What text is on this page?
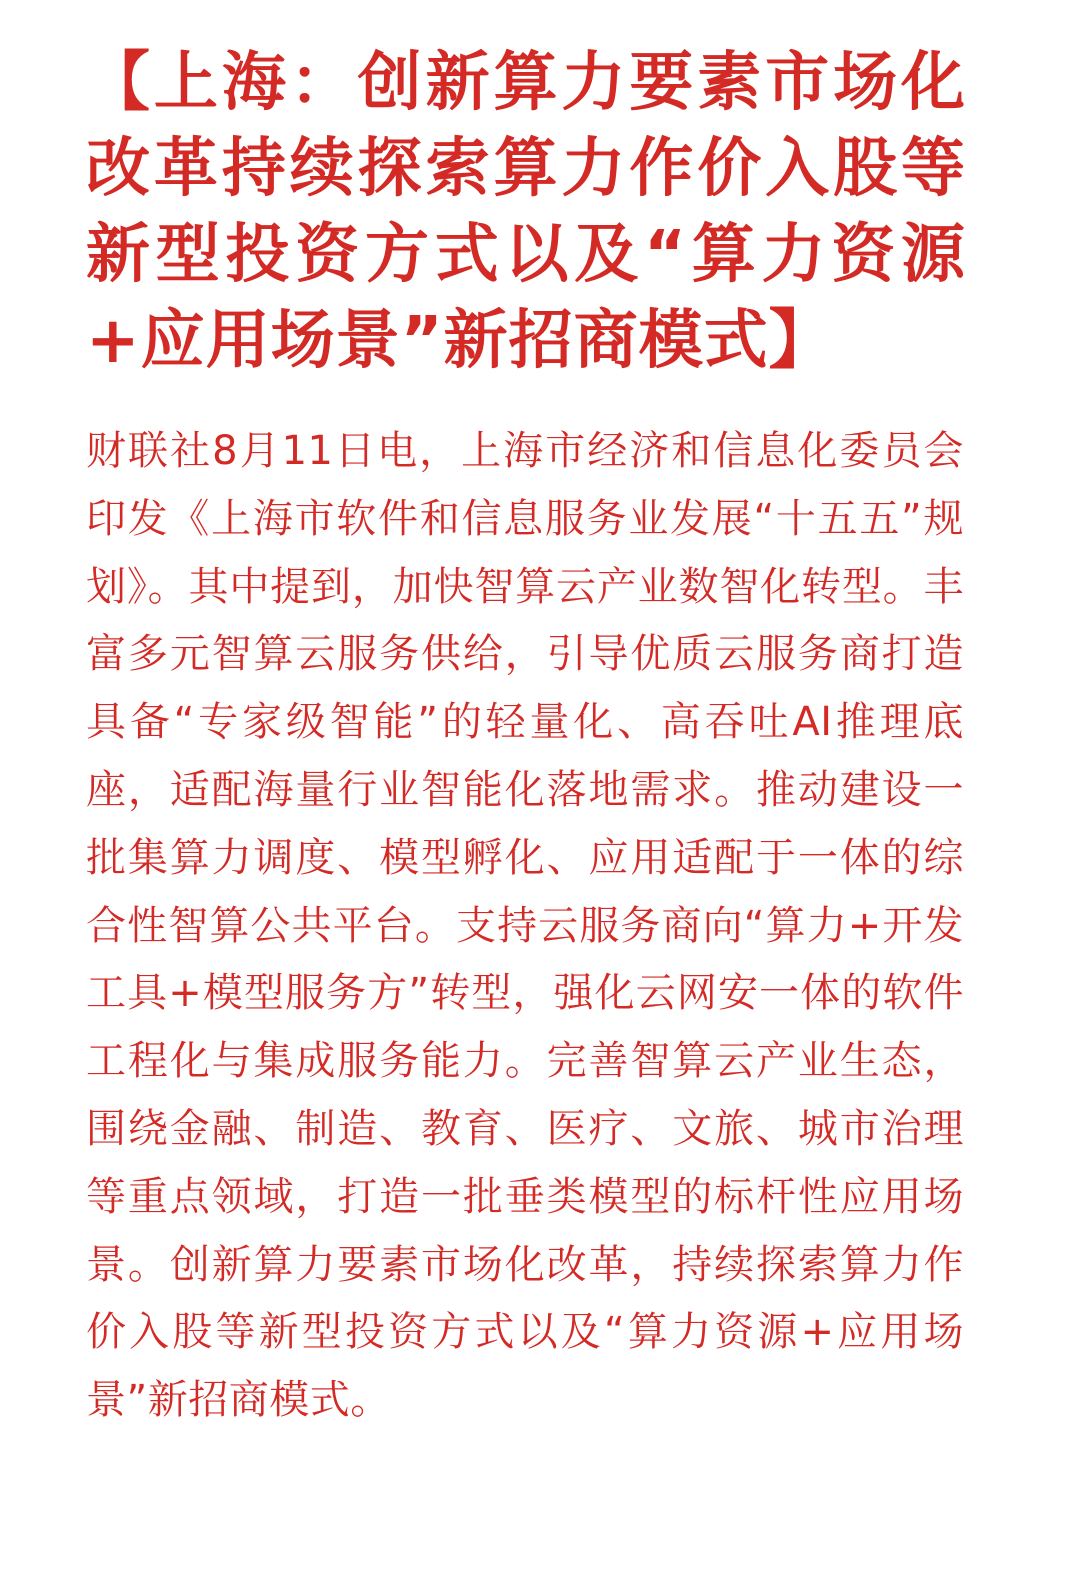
【上海：创新算力要素市场化改革持续探索算力作价入股等新型投资方式以及“算力资源+应用场景”新招商模式】

财联社8月11日电，上海市经济和信息化委员会印发《上海市软件和信息服务业发展“十五五”规划》。其中提到，加快智算云产业数智化转型。丰富多元智算云服务供给，引导优质云服务商打造具备“专家级智能”的轻量化、高吞吐AI推理底座，适配海量行业智能化落地需求。推动建设一批集算力调度、模型孵化、应用适配于一体的综合性智算公共平台。支持云服务商向“算力+开发工具+模型服务方”转型，强化云网安一体的软件工程化与集成服务能力。完善智算云产业生态，围绕金融、制造、教育、医疗、文旅、城市治理等重点领域，打造一批垂类模型的标杆性应用场景。创新算力要素市场化改革，持续探索算力作价入股等新型投资方式以及“算力资源+应用场景”新招商模式。
